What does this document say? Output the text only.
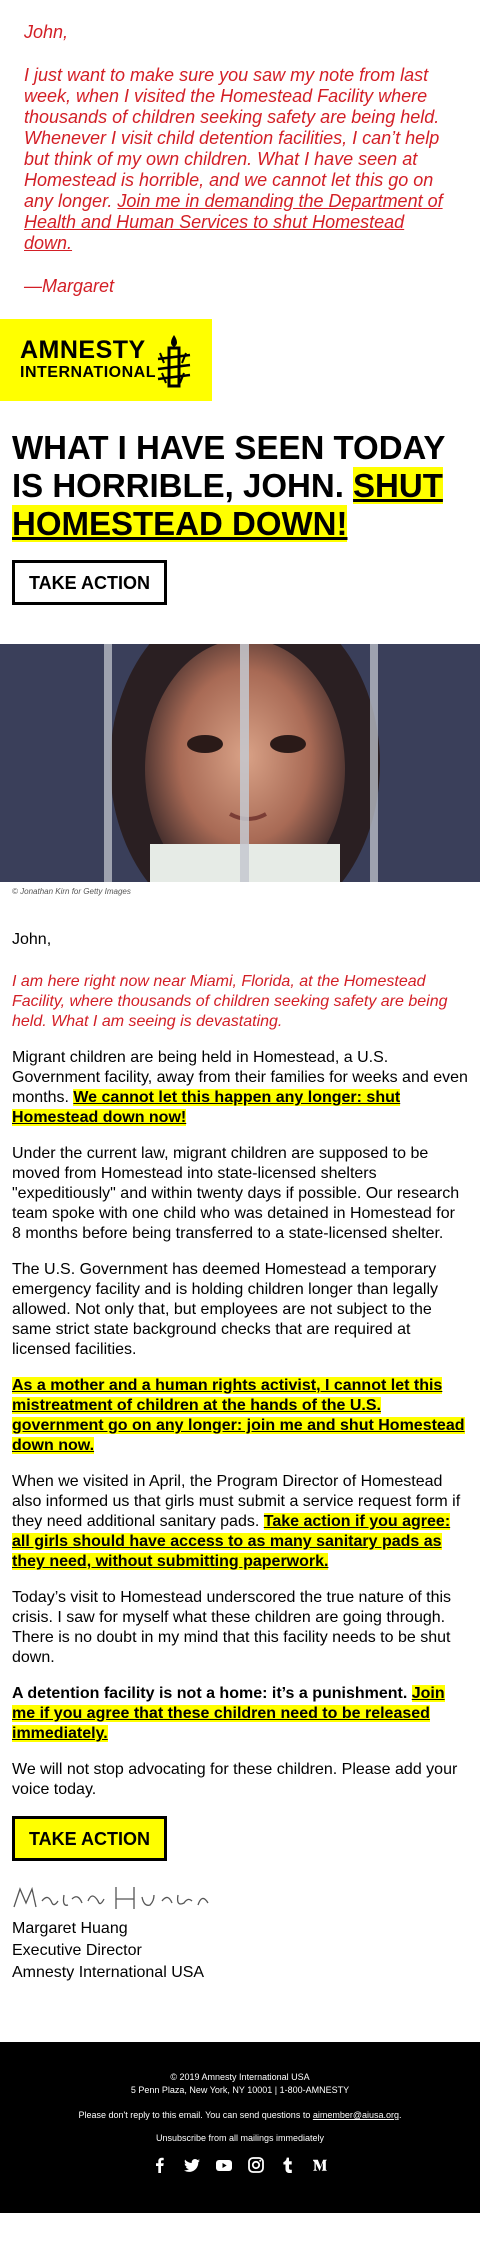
John,

I just want to make sure you saw my note from last week, when I visited the Homestead Facility where thousands of children seeking safety are being held. Whenever I visit child detention facilities, I can’t help but think of my own children. What I have seen at Homestead is horrible, and we cannot let this go on any longer. Join me in demanding the Department of Health and Human Services to shut Homestead down.

—Margaret

AMNESTY
INTERNATIONAL
WHAT I HAVE SEEN TODAY IS HORRIBLE, JOHN. SHUT HOMESTEAD DOWN!
TAKE ACTION
© Jonathan Kirn for Getty Images

John,

I am here right now near Miami, Florida, at the Homestead Facility, where thousands of children seeking safety are being held. What I am seeing is devastating.

Migrant children are being held in Homestead, a U.S. Government facility, away from their families for weeks and even months. We cannot let this happen any longer: shut Homestead down now!

Under the current law, migrant children are supposed to be moved from Homestead into state-licensed shelters "expeditiously" and within twenty days if possible. Our research team spoke with one child who was detained in Homestead for 8 months before being transferred to a state-licensed shelter.

The U.S. Government has deemed Homestead a temporary emergency facility and is holding children longer than legally allowed. Not only that, but employees are not subject to the same strict state background checks that are required at licensed facilities.

As a mother and a human rights activist, I cannot let this mistreatment of children at the hands of the U.S. government go on any longer: join me and shut Homestead down now.

When we visited in April, the Program Director of Homestead also informed us that girls must submit a service request form if they need additional sanitary pads. Take action if you agree: all girls should have access to as many sanitary pads as they need, without submitting paperwork.

Today’s visit to Homestead underscored the true nature of this crisis. I saw for myself what these children are going through. There is no doubt in my mind that this facility needs to be shut down.

A detention facility is not a home: it’s a punishment. Join me if you agree that these children need to be released immediately.

We will not stop advocating for these children. Please add your voice today.

TAKE ACTION
Margaret Huang
Executive Director
Amnesty International USA
© 2019 Amnesty International USA
5 Penn Plaza, New York, NY 10001 | 1-800-AMNESTY
Please don't reply to this email. You can send questions to aimember@aiusa.org.
Unsubscribe from all mailings immediately
